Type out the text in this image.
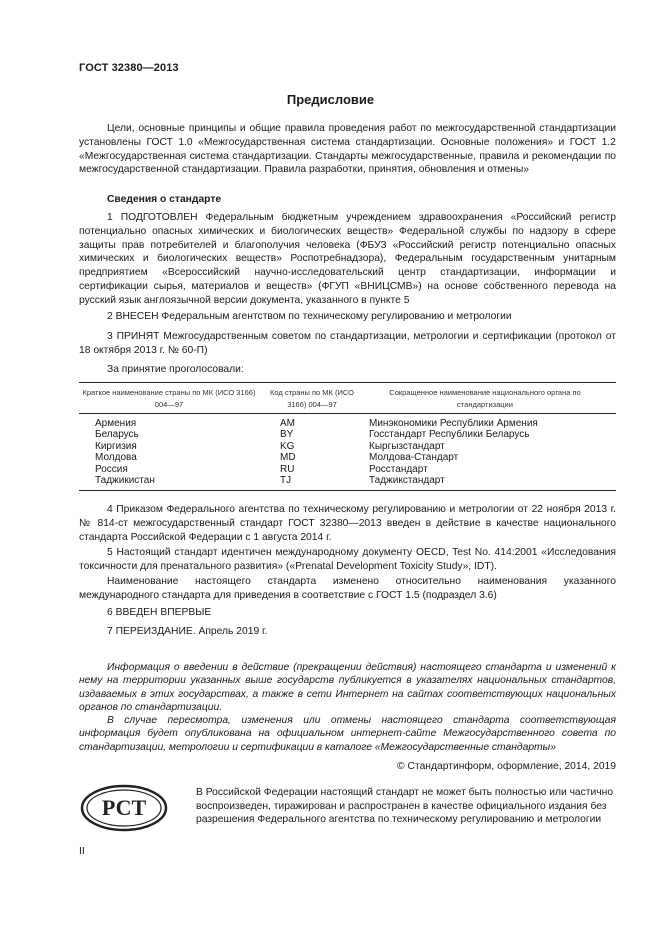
ГОСТ 32380—2013
Предисловие
Цели, основные принципы и общие правила проведения работ по межгосударственной стандартизации установлены ГОСТ 1.0 «Межгосударственная система стандартизации. Основные положения» и ГОСТ 1.2 «Межгосударственная система стандартизации. Стандарты межгосударственные, правила и рекомендации по межгосударственной стандартизации. Правила разработки, принятия, обновления и отмены»
Сведения о стандарте
1 ПОДГОТОВЛЕН Федеральным бюджетным учреждением здравоохранения «Российский регистр потенциально опасных химических и биологических веществ» Федеральной службы по надзору в сфере защиты прав потребителей и благополучия человека (ФБУЗ «Российский регистр потенциально опасных химических и биологических веществ» Роспотребнадзора), Федеральным государственным унитарным предприятием «Всероссийский научно-исследовательский центр стандартизации, информации и сертификации сырья, материалов и веществ» (ФГУП «ВНИЦСМВ») на основе собственного перевода на русский язык англоязычной версии документа, указанного в пункте 5
2 ВНЕСЕН Федеральным агентством по техническому регулированию и метрологии
3 ПРИНЯТ Межгосударственным советом по стандартизации, метрологии и сертификации (протокол от 18 октября 2013 г. № 60-П)
За принятие проголосовали:
Краткое наименование страны по МК (ИСО 3166) 004—97
Код страны по МК (ИСО 3166) 004—97
Сокращенное наименование национального органа по стандартизации
Армения
Беларусь
Киргизия
Молдова
Россия
Таджикистан
AM
BY
KG
MD
RU
TJ
Минэкономики Республики Армения
Госстандарт Республики Беларусь
Кыргызстандарт
Молдова-Стандарт
Росстандарт
Таджикстандарт
4 Приказом Федерального агентства по техническому регулированию и метрологии от 22 ноября 2013 г. № 814-ст межгосударственный стандарт ГОСТ 32380—2013 введен в действие в качестве национального стандарта Российской Федерации с 1 августа 2014 г.
5 Настоящий стандарт идентичен международному документу OECD, Test No. 414:2001 «Исследования токсичности для пренатального развития» («Prenatal Development Toxicity Study», IDT).
Наименование настоящего стандарта изменено относительно наименования указанного международного стандарта для приведения в соответствие с ГОСТ 1.5 (подраздел 3.6)
6 ВВЕДЕН ВПЕРВЫЕ
7 ПЕРЕИЗДАНИЕ. Апрель 2019 г.
Информация о введении в действие (прекращении действия) настоящего стандарта и изменений к нему на территории указанных выше государств публикуется в указателях национальных стандартов, издаваемых в этих государствах, а также в сети Интернет на сайтах соответствующих национальных органов по стандартизации.
В случае пересмотра, изменения или отмены настоящего стандарта соответствующая информация будет опубликована на официальном интернет-сайте Межгосударственного совета по стандартизации, метрологии и сертификации в каталоге «Межгосударственные стандарты»
© Стандартинформ, оформление, 2014, 2019
РСТ
В Российской Федерации настоящий стандарт не может быть полностью или частично воспроизведен, тиражирован и распространен в качестве официального издания без разрешения Федерального агентства по техническому регулированию и метрологии
II
